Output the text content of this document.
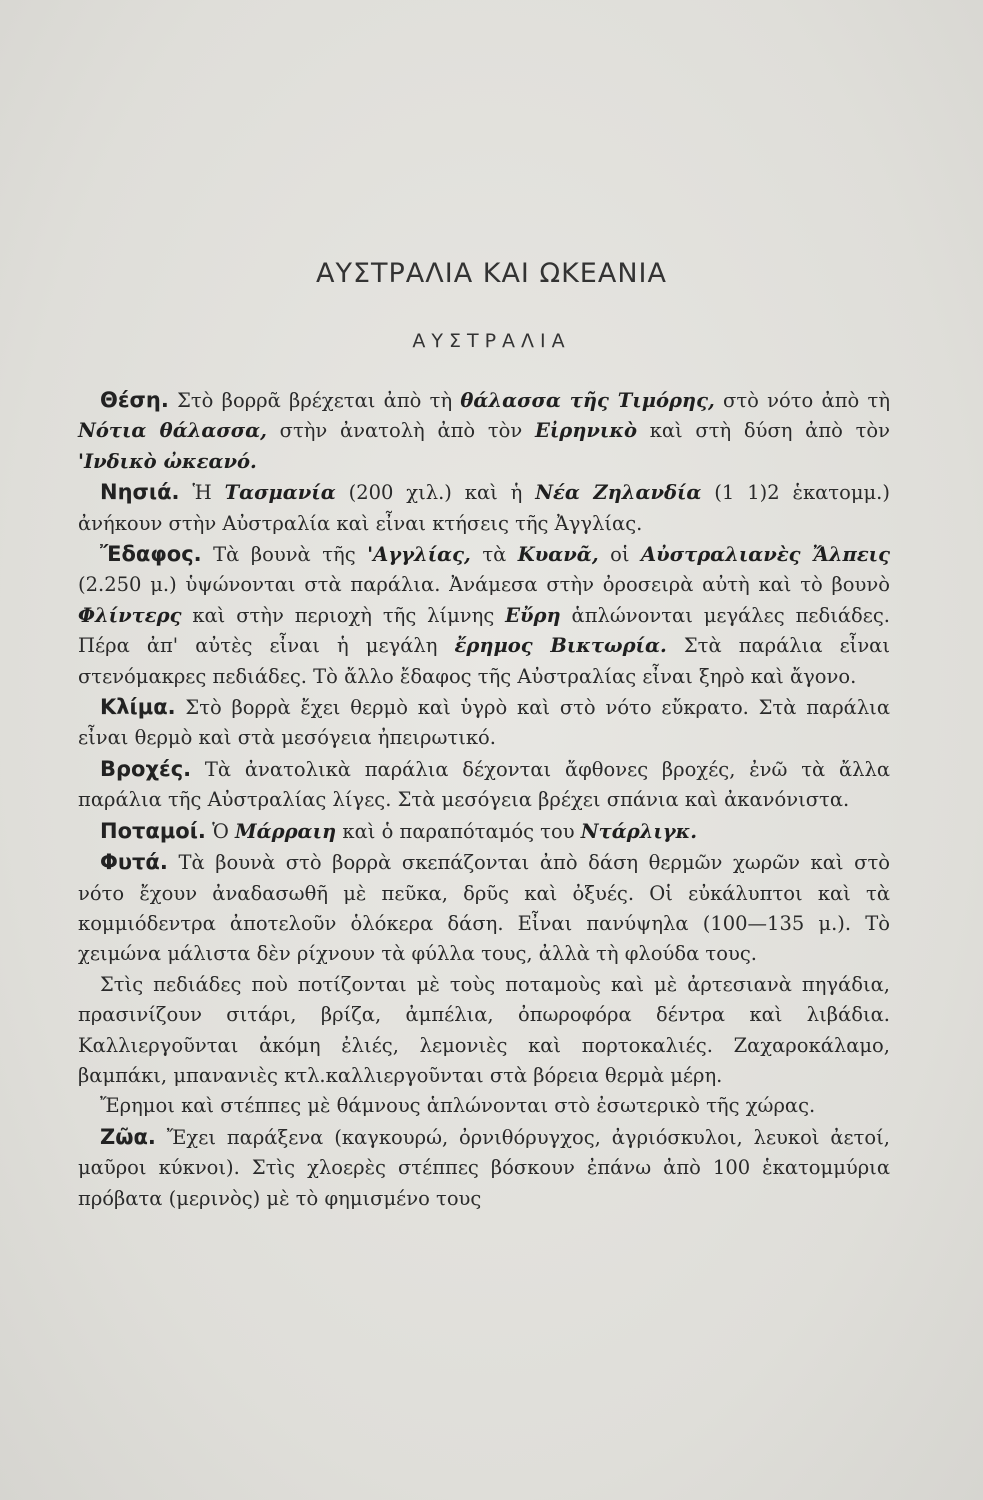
ΑΥΣΤΡΑΛΙΑ ΚΑΙ ΩΚΕΑΝΙΑ
ΑΥΣΤΡΑΛΙΑ

Θέση. Στὸ βορρᾶ βρέχεται ἀπὸ τὴ θάλασσα τῆς Τιμόρης, στὸ νότο ἀπὸ τὴ Νότια θάλασσα, στὴν ἀνατολὴ ἀπὸ τὸν Εἰρηνικὸ καὶ στὴ δύση ἀπὸ τὸν 'Ινδικὸ ὠκεανό.

Νησιά. Ἡ Τασμανία (200 χιλ.) καὶ ἡ Νέα Ζηλανδία (1 1)2 ἑκατομμ.) ἀνήκουν στὴν Αὐστραλία καὶ εἶναι κτήσεις τῆς Ἀγγλίας.

Ἔδαφος. Τὰ βουνὰ τῆς 'Αγγλίας, τὰ Κυανᾶ, οἱ Αὐστραλιανὲς Ἄλπεις (2.250 μ.) ὑψώνονται στὰ παράλια. Ἀνάμεσα στὴν ὀροσειρὰ αὐτὴ καὶ τὸ βουνὸ Φλίντερς καὶ στὴν περιοχὴ τῆς λίμνης Εὔρη ἁπλώνονται μεγάλες πεδιάδες. Πέρα ἀπ' αὐτὲς εἶναι ἡ μεγάλη ἔρημος Βικτωρία. Στὰ παράλια εἶναι στενόμακρες πεδιάδες. Τὸ ἄλλο ἔδαφος τῆς Αὐστραλίας εἶναι ξηρὸ καὶ ἄγονο.

Κλίμα. Στὸ βορρὰ ἔχει θερμὸ καὶ ὑγρὸ καὶ στὸ νότο εὔκρατο. Στὰ παράλια εἶναι θερμὸ καὶ στὰ μεσόγεια ἠπειρωτικό.

Βροχές. Τὰ ἀνατολικὰ παράλια δέχονται ἄφθονες βροχές, ἐνῶ τὰ ἄλλα παράλια τῆς Αὐστραλίας λίγες. Στὰ μεσόγεια βρέχει σπάνια καὶ ἀκανόνιστα.

Ποταμοί. Ὁ Μάρραιη καὶ ὁ παραπόταμός του Ντάρλιγκ.

Φυτά. Τὰ βουνὰ στὸ βορρὰ σκεπάζονται ἀπὸ δάση θερμῶν χωρῶν καὶ στὸ νότο ἔχουν ἀναδασωθῆ μὲ πεῦκα, δρῦς καὶ ὀξυές. Οἱ εὐκάλυπτοι καὶ τὰ κομμιόδεντρα ἀποτελοῦν ὁλόκερα δάση. Εἶναι πανύψηλα (100—135 μ.). Τὸ χειμώνα μάλιστα δὲν ρίχνουν τὰ φύλλα τους, ἀλλὰ τὴ φλούδα τους.

Στὶς πεδιάδες ποὺ ποτίζονται μὲ τοὺς ποταμοὺς καὶ μὲ ἀρτεσιανὰ πηγάδια, πρασινίζουν σιτάρι, βρίζα, ἀμπέλια, ὀπωροφόρα δέντρα καὶ λιβάδια. Καλλιεργοῦνται ἀκόμη ἐλιές, λεμονιὲς καὶ πορτοκαλιές. Ζαχαροκάλαμο, βαμπάκι, μπανανιὲς κτλ.καλλιεργοῦνται στὰ βόρεια θερμὰ μέρη.

Ἔρημοι καὶ στέππες μὲ θάμνους ἁπλώνονται στὸ ἐσωτερικὸ τῆς χώρας.

Ζῶα. Ἔχει παράξενα (καγκουρώ, ὀρνιθόρυγχος, ἀγριόσκυλοι, λευκοὶ ἀετοί, μαῦροι κύκνοι). Στὶς χλοερὲς στέππες βόσκουν ἐπάνω ἀπὸ 100 ἑκατομμύρια πρόβατα (μερινὸς) μὲ τὸ φημισμένο τους
